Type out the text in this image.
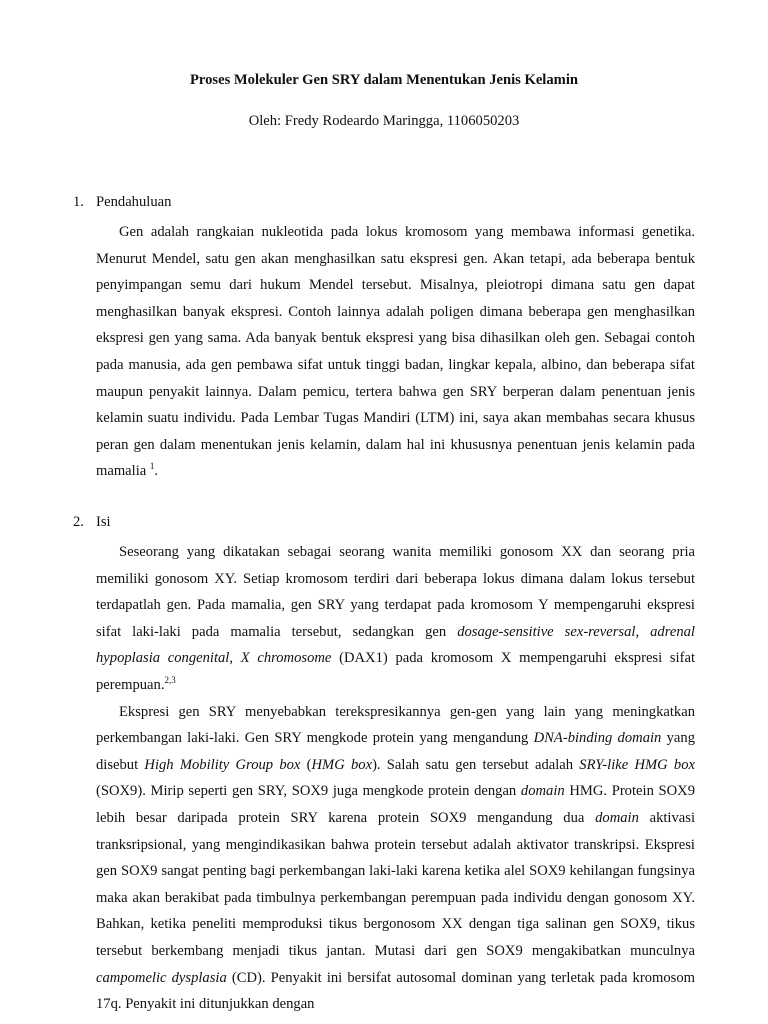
Proses Molekuler Gen SRY dalam Menentukan Jenis Kelamin
Oleh: Fredy Rodeardo Maringga, 1106050203
1. Pendahuluan

Gen adalah rangkaian nukleotida pada lokus kromosom yang membawa informasi genetika. Menurut Mendel, satu gen akan menghasilkan satu ekspresi gen. Akan tetapi, ada beberapa bentuk penyimpangan semu dari hukum Mendel tersebut. Misalnya, pleiotropi dimana satu gen dapat menghasilkan banyak ekspresi. Contoh lainnya adalah poligen dimana beberapa gen menghasilkan ekspresi gen yang sama. Ada banyak bentuk ekspresi yang bisa dihasilkan oleh gen. Sebagai contoh pada manusia, ada gen pembawa sifat untuk tinggi badan, lingkar kepala, albino, dan beberapa sifat maupun penyakit lainnya. Dalam pemicu, tertera bahwa gen SRY berperan dalam penentuan jenis kelamin suatu individu. Pada Lembar Tugas Mandiri (LTM) ini, saya akan membahas secara khusus peran gen dalam menentukan jenis kelamin, dalam hal ini khususnya penentuan jenis kelamin pada mamalia $^1$.

2. Isi

Seseorang yang dikatakan sebagai seorang wanita memiliki gonosom XX dan seorang pria memiliki gonosom XY. Setiap kromosom terdiri dari beberapa lokus dimana dalam lokus tersebut terdapatlah gen. Pada mamalia, gen SRY yang terdapat pada kromosom Y mempengaruhi ekspresi sifat laki-laki pada mamalia tersebut, sedangkan gen dosage-sensitive sex-reversal, adrenal hypoplasia congenital, X chromosome (DAX1) pada kromosom X mempengaruhi ekspresi sifat perempuan.$^{2,3}$

Ekspresi gen SRY menyebabkan terekspresikannya gen-gen yang lain yang meningkatkan perkembangan laki-laki. Gen SRY mengkode protein yang mengandung DNA-binding domain yang disebut High Mobility Group box (HMG box). Salah satu gen tersebut adalah SRY-like HMG box (SOX9). Mirip seperti gen SRY, SOX9 juga mengkode protein dengan domain HMG. Protein SOX9 lebih besar daripada protein SRY karena protein SOX9 mengandung dua domain aktivasi tranksripsional, yang mengindikasikan bahwa protein tersebut adalah aktivator transkripsi. Ekspresi gen SOX9 sangat penting bagi perkembangan laki-laki karena ketika alel SOX9 kehilangan fungsinya maka akan berakibat pada timbulnya perkembangan perempuan pada individu dengan gonosom XY. Bahkan, ketika peneliti memproduksi tikus bergonosom XX dengan tiga salinan gen SOX9, tikus tersebut berkembang menjadi tikus jantan. Mutasi dari gen SOX9 mengakibatkan munculnya campomelic dysplasia (CD). Penyakit ini bersifat autosomal dominan yang terletak pada kromosom 17q. Penyakit ini ditunjukkan dengan
